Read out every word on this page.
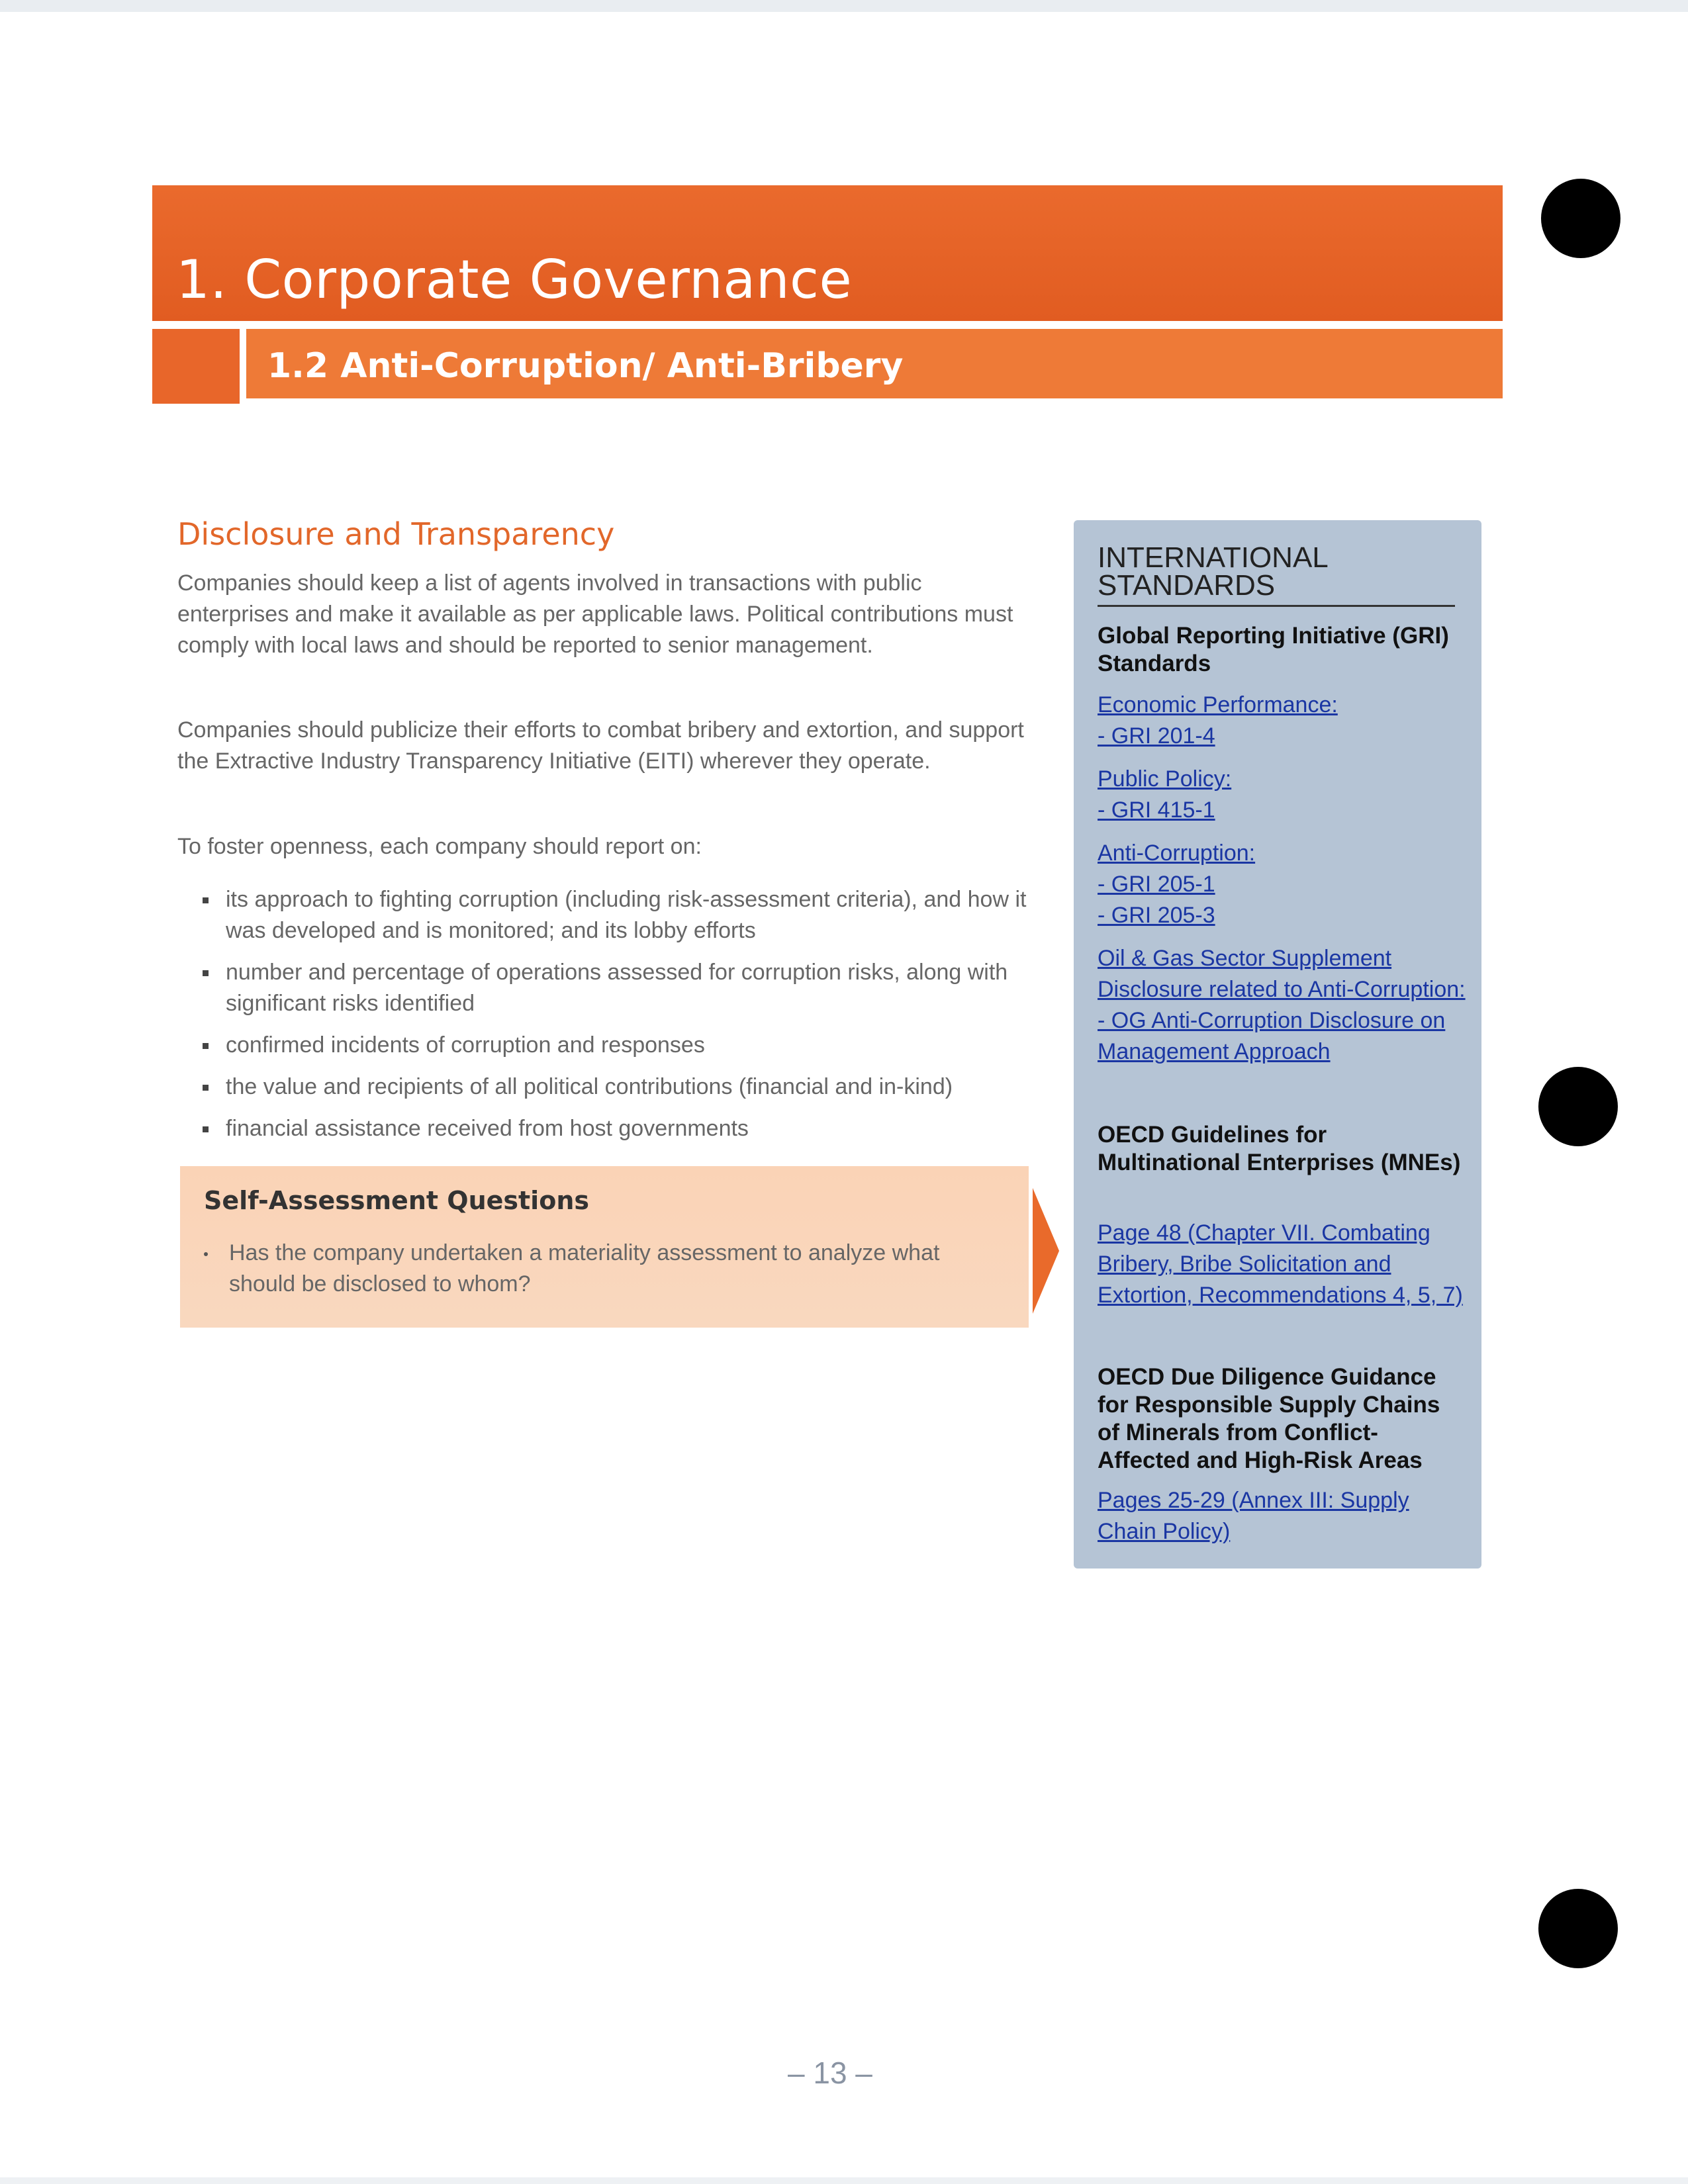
1. Corporate Governance
1.2 Anti-Corruption/ Anti-Bribery
Disclosure and Transparency

Companies should keep a list of agents involved in transactions with public enterprises and make it available as per applicable laws. Political contributions must comply with local laws and should be reported to senior management.

Companies should publicize their efforts to combat bribery and extortion, and support the Extractive Industry Transparency Initiative (EITI) wherever they operate.

To foster openness, each company should report on:

its approach to fighting corruption (including risk-assessment criteria), and how it was developed and is monitored; and its lobby efforts
number and percentage of operations assessed for corruption risks, along with significant risks identified
confirmed incidents of corruption and responses
the value and recipients of all political contributions (financial and in-kind)
financial assistance received from host governments
Self-Assessment Questions
Has the company undertaken a materiality assessment to analyze what should be disclosed to whom?
INTERNATIONAL STANDARDS
Global Reporting Initiative (GRI) Standards
Economic Performance:
- GRI 201-4
Public Policy:
- GRI 415-1
Anti-Corruption:
- GRI 205-1
- GRI 205-3
Oil & Gas Sector Supplement Disclosure related to Anti-Corruption:
- OG Anti-Corruption Disclosure on Management Approach
OECD Guidelines for Multinational Enterprises (MNEs)
Page 48 (Chapter VII. Combating Bribery, Bribe Solicitation and Extortion, Recommendations 4, 5, 7)
OECD Due Diligence Guidance for Responsible Supply Chains of Minerals from Conflict-Affected and High-Risk Areas
Pages 25-29 (Annex III: Supply Chain Policy)
– 13 –
